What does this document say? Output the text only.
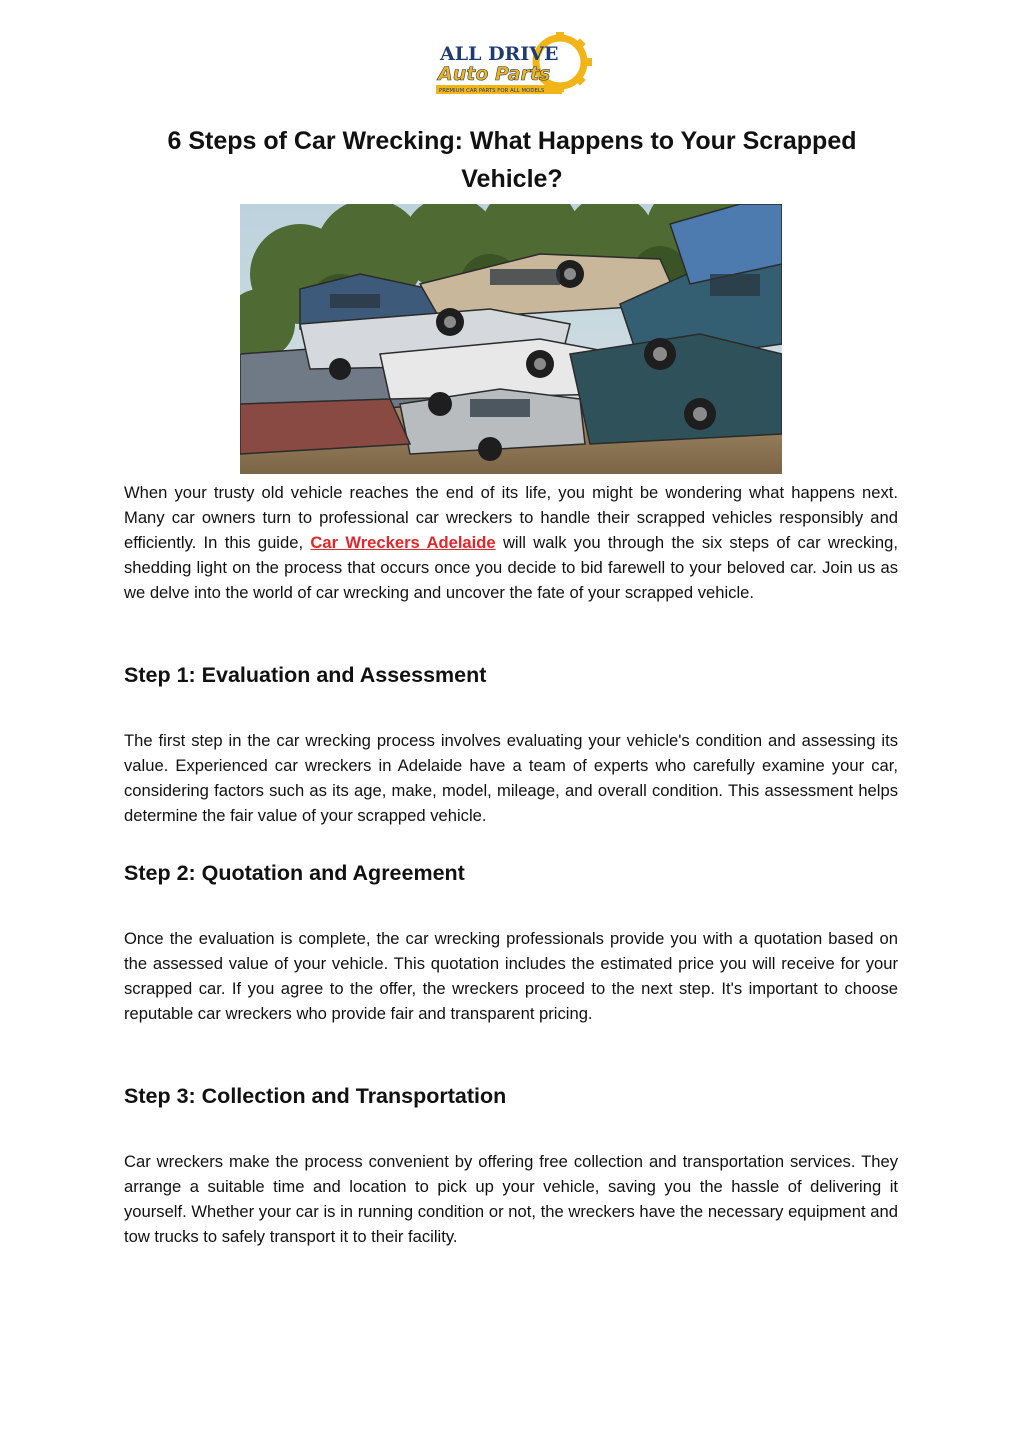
ALL DRIVE
Auto Parts
PREMIUM CAR PARTS FOR ALL MODELS
6 Steps of Car Wrecking: What Happens to Your Scrapped Vehicle?

When your trusty old vehicle reaches the end of its life, you might be wondering what happens next. Many car owners turn to professional car wreckers to handle their scrapped vehicles responsibly and efficiently. In this guide, Car Wreckers Adelaide will walk you through the six steps of car wrecking, shedding light on the process that occurs once you decide to bid farewell to your beloved car. Join us as we delve into the world of car wrecking and uncover the fate of your scrapped vehicle.

Step 1: Evaluation and Assessment

The first step in the car wrecking process involves evaluating your vehicle's condition and assessing its value. Experienced car wreckers in Adelaide have a team of experts who carefully examine your car, considering factors such as its age, make, model, mileage, and overall condition. This assessment helps determine the fair value of your scrapped vehicle.

Step 2: Quotation and Agreement

Once the evaluation is complete, the car wrecking professionals provide you with a quotation based on the assessed value of your vehicle. This quotation includes the estimated price you will receive for your scrapped car. If you agree to the offer, the wreckers proceed to the next step. It's important to choose reputable car wreckers who provide fair and transparent pricing.

Step 3: Collection and Transportation

Car wreckers make the process convenient by offering free collection and transportation services. They arrange a suitable time and location to pick up your vehicle, saving you the hassle of delivering it yourself. Whether your car is in running condition or not, the wreckers have the necessary equipment and tow trucks to safely transport it to their facility.
